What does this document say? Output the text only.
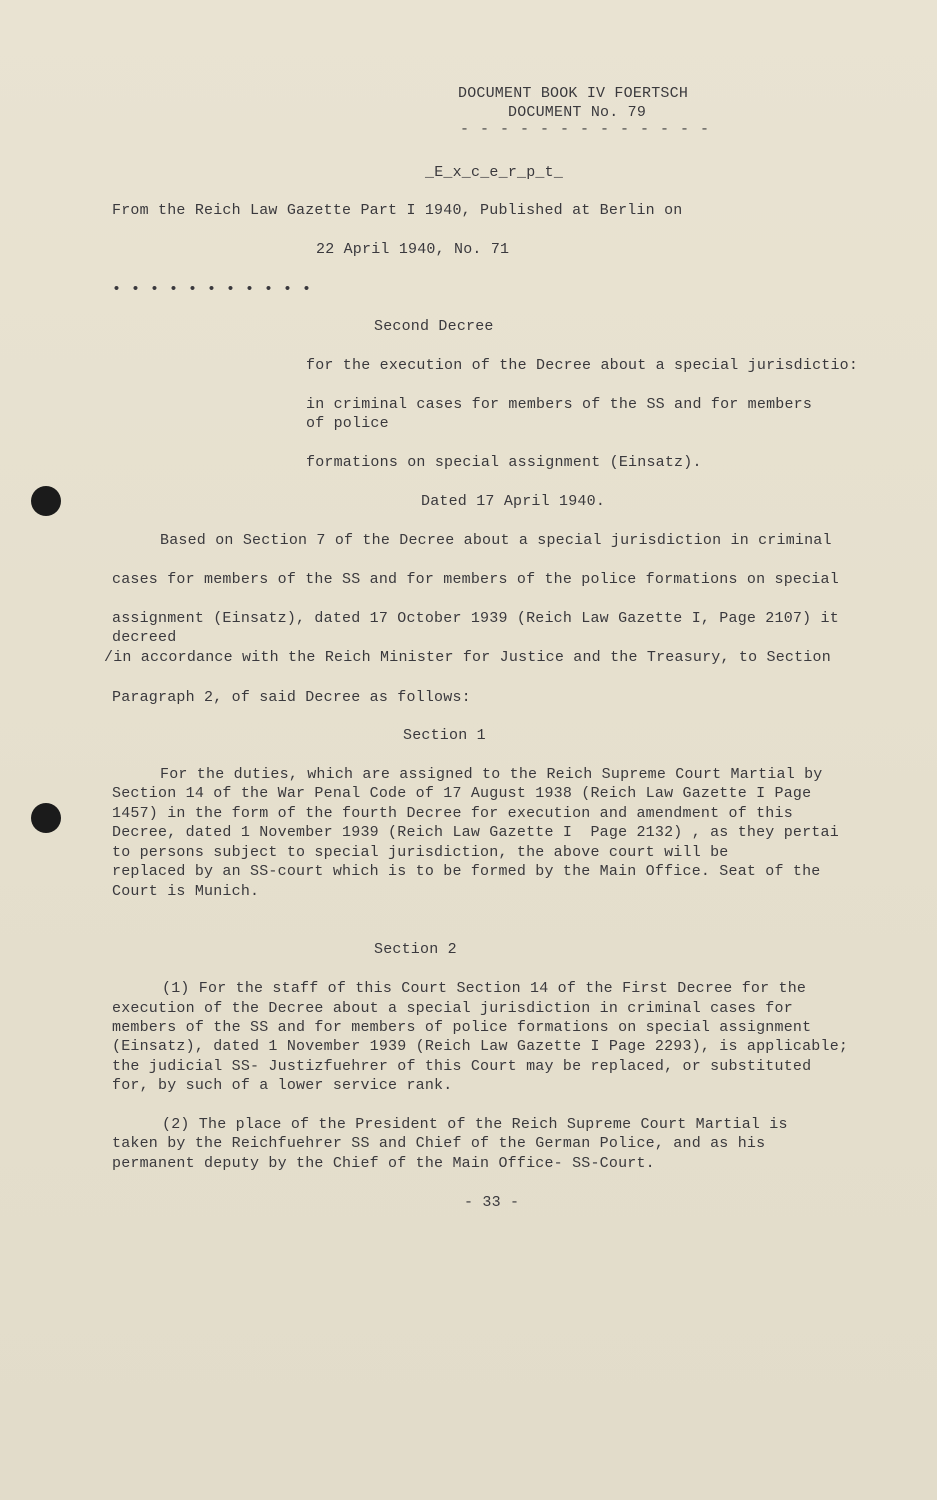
DOCUMENT BOOK IV FOERTSCH
DOCUMENT No. 79
- - - - - - - - - - - - -
_E_x_c_e_r_p_t_
From the Reich Law Gazette Part I 1940, Published at Berlin on
22 April 1940, No. 71
• • • • • • • • • • •
Second Decree
for the execution of the Decree about a special jurisdictio:
in criminal cases for members of the SS and for members
of police
formations on special assignment (Einsatz).
Dated 17 April 1940.
Based on Section 7 of the Decree about a special jurisdiction in criminal
cases for members of the SS and for members of the police formations on special
assignment (Einsatz), dated 17 October 1939 (Reich Law Gazette I, Page 2107) it
decreed
/in accordance with the Reich Minister for Justice and the Treasury, to Section
Paragraph 2, of said Decree as follows:
Section 1
For the duties, which are assigned to the Reich Supreme Court Martial by
Section 14 of the War Penal Code of 17 August 1938 (Reich Law Gazette I Page
1457) in the form of the fourth Decree for execution and amendment of this
Decree, dated 1 November 1939 (Reich Law Gazette I  Page 2132) , as they pertai
to persons subject to special jurisdiction, the above court will be
replaced by an SS-court which is to be formed by the Main Office. Seat of the
Court is Munich.
Section 2
(1) For the staff of this Court Section 14 of the First Decree for the
execution of the Decree about a special jurisdiction in criminal cases for
members of the SS and for members of police formations on special assignment
(Einsatz), dated 1 November 1939 (Reich Law Gazette I Page 2293), is applicable;
the judicial SS- Justizfuehrer of this Court may be replaced, or substituted
for, by such of a lower service rank.
(2) The place of the President of the Reich Supreme Court Martial is
taken by the Reichfuehrer SS and Chief of the German Police, and as his
permanent deputy by the Chief of the Main Office- SS-Court.
- 33 -
